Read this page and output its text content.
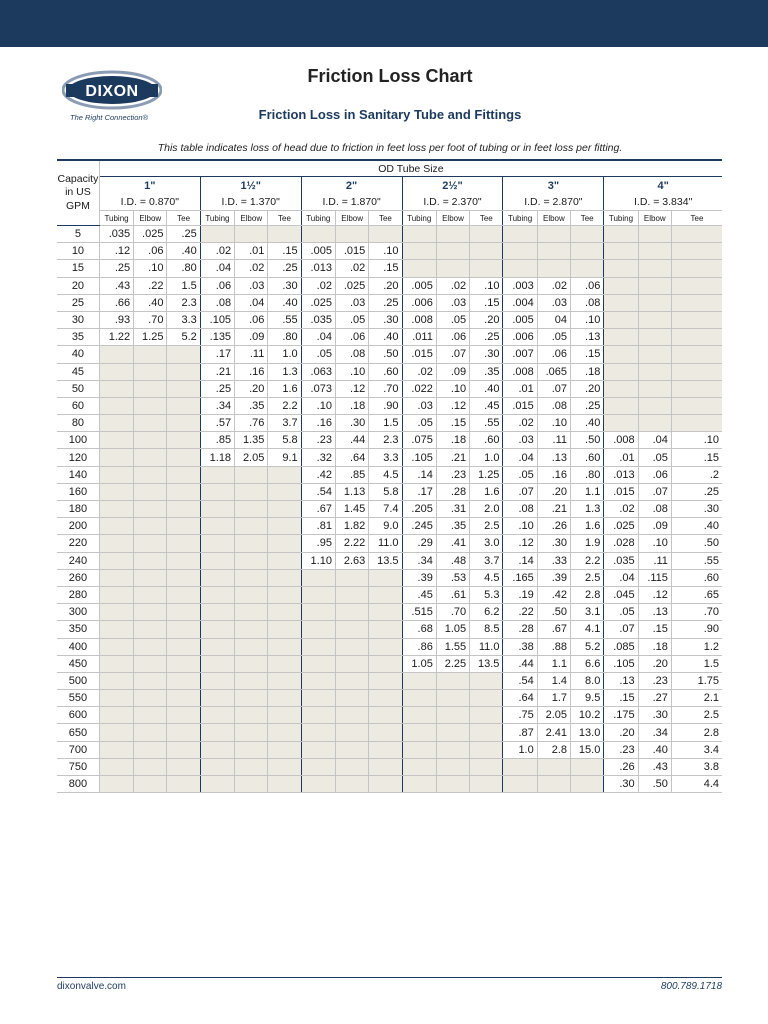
DIXON
The Right Connection®
Friction Loss Chart
Friction Loss in Sanitary Tube and Fittings
This table indicates loss of head due to friction in feet loss per foot of tubing or in feet loss per fitting.
Capacity
in US
GPM	OD Tube Size																	
	1"			1½"			2"			2½"			3"			4"		
	I.D. = 0.870"			I.D. = 1.370"			I.D. = 1.870"			I.D. = 2.370"			I.D. = 2.870"			I.D. = 3.834"		
	Tubing	Elbow	Tee	Tubing	Elbow	Tee	Tubing	Elbow	Tee	Tubing	Elbow	Tee	Tubing	Elbow	Tee	Tubing	Elbow	Tee
5	.035	.025	.25															
10	.12	.06	.40	.02	.01	.15	.005	.015	.10									
15	.25	.10	.80	.04	.02	.25	.013	.02	.15									
20	.43	.22	1.5	.06	.03	.30	.02	.025	.20	.005	.02	.10	.003	.02	.06			
25	.66	.40	2.3	.08	.04	.40	.025	.03	.25	.006	.03	.15	.004	.03	.08			
30	.93	.70	3.3	.105	.06	.55	.035	.05	.30	.008	.05	.20	.005	04	.10			
35	1.22	1.25	5.2	.135	.09	.80	.04	.06	.40	.011	.06	.25	.006	.05	.13			
40				.17	.11	1.0	.05	.08	.50	.015	.07	.30	.007	.06	.15			
45				.21	.16	1.3	.063	.10	.60	.02	.09	.35	.008	.065	.18			
50				.25	.20	1.6	.073	.12	.70	.022	.10	.40	.01	.07	.20			
60				.34	.35	2.2	.10	.18	.90	.03	.12	.45	.015	.08	.25			
80				.57	.76	3.7	.16	.30	1.5	.05	.15	.55	.02	.10	.40			
100				.85	1.35	5.8	.23	.44	2.3	.075	.18	.60	.03	.11	.50	.008	.04	.10
120				1.18	2.05	9.1	.32	.64	3.3	.105	.21	1.0	.04	.13	.60	.01	.05	.15
140							.42	.85	4.5	.14	.23	1.25	.05	.16	.80	.013	.06	.2
160							.54	1.13	5.8	.17	.28	1.6	.07	.20	1.1	.015	.07	.25
180							.67	1.45	7.4	.205	.31	2.0	.08	.21	1.3	.02	.08	.30
200							.81	1.82	9.0	.245	.35	2.5	.10	.26	1.6	.025	.09	.40
220							.95	2.22	11.0	.29	.41	3.0	.12	.30	1.9	.028	.10	.50
240							1.10	2.63	13.5	.34	.48	3.7	.14	.33	2.2	.035	.11	.55
260										.39	.53	4.5	.165	.39	2.5	.04	.115	.60
280										.45	.61	5.3	.19	.42	2.8	.045	.12	.65
300										.515	.70	6.2	.22	.50	3.1	.05	.13	.70
350										.68	1.05	8.5	.28	.67	4.1	.07	.15	.90
400										.86	1.55	11.0	.38	.88	5.2	.085	.18	1.2
450										1.05	2.25	13.5	.44	1.1	6.6	.105	.20	1.5
500													.54	1.4	8.0	.13	.23	1.75
550													.64	1.7	9.5	.15	.27	2.1
600													.75	2.05	10.2	.175	.30	2.5
650													.87	2.41	13.0	.20	.34	2.8
700													1.0	2.8	15.0	.23	.40	3.4
750																.26	.43	3.8
800																.30	.50	4.4
dixonvalve.com	800.789.1718
